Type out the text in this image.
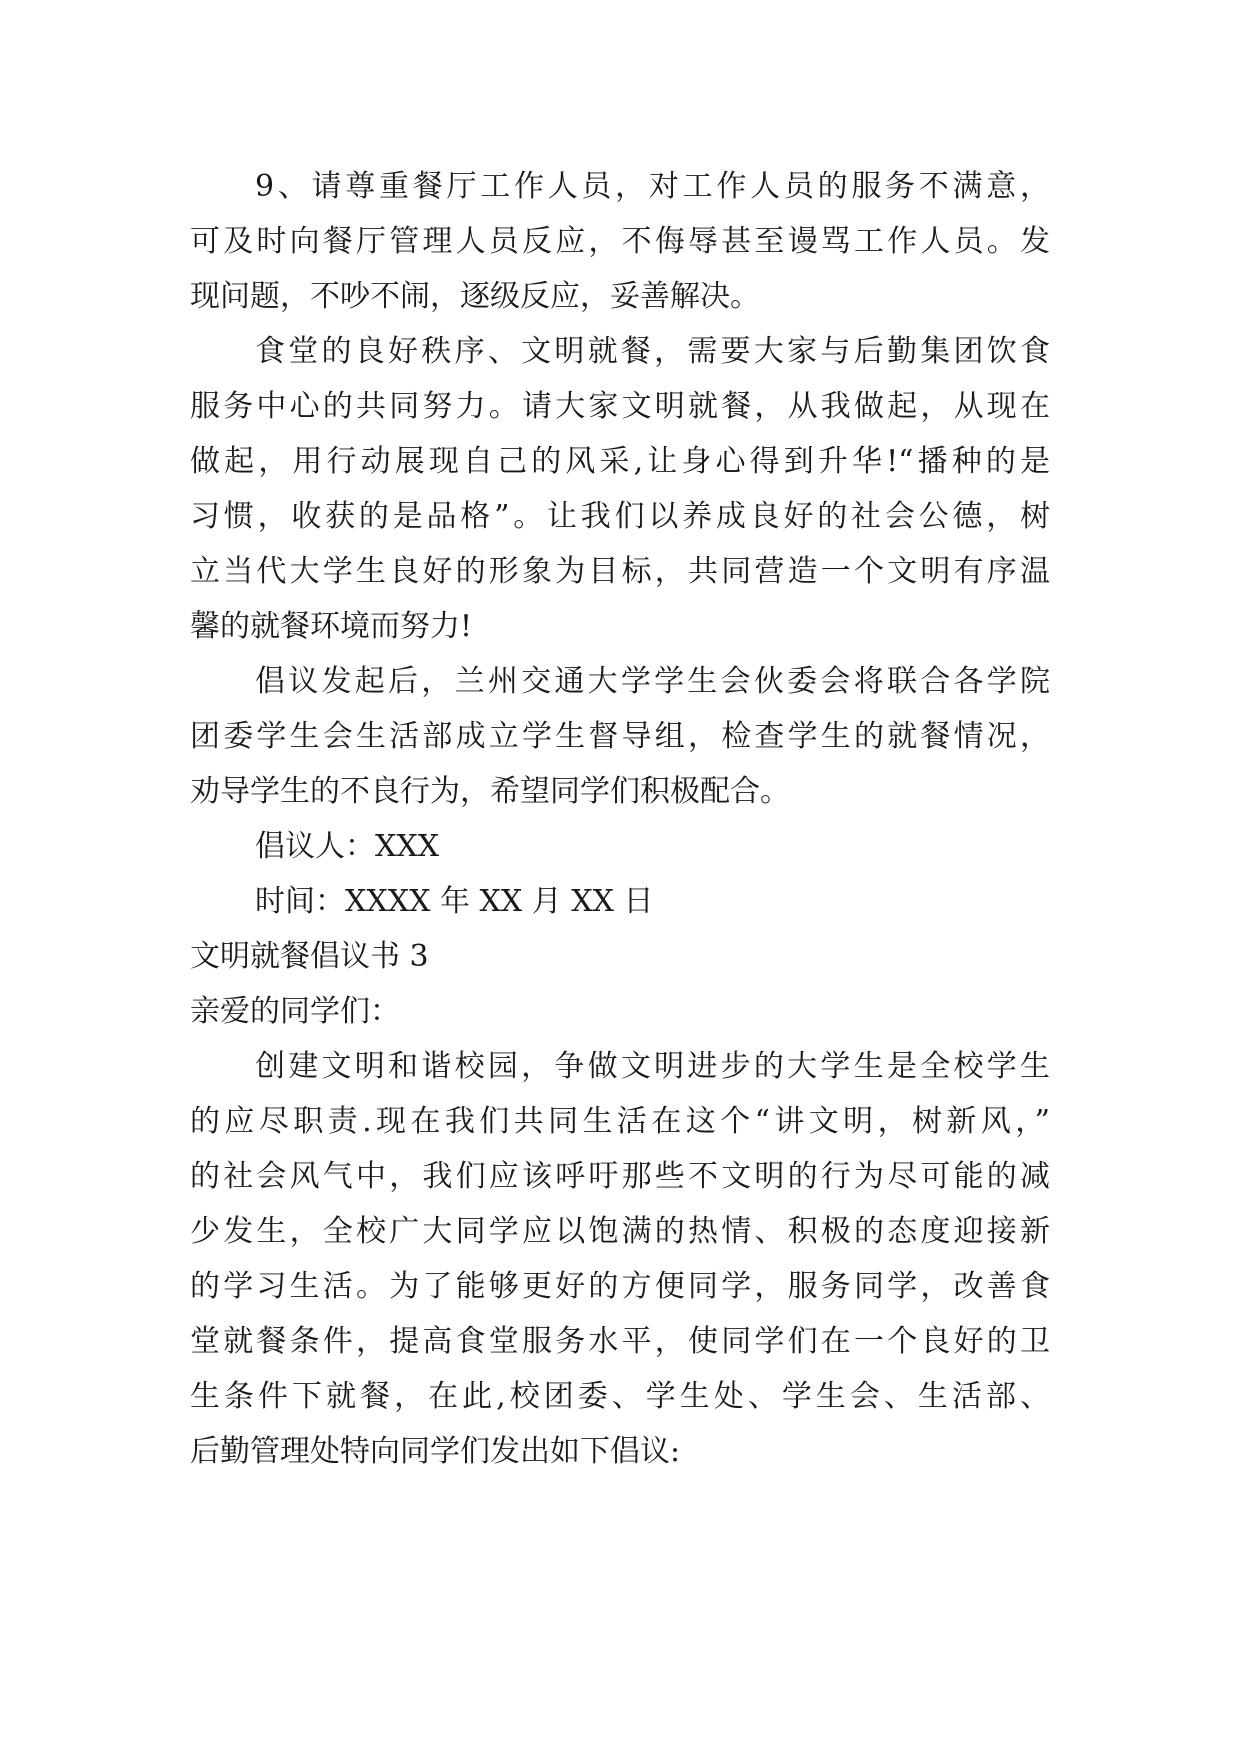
9、请尊重餐厅工作人员，对工作人员的服务不满意，
可及时向餐厅管理人员反应，不侮辱甚至谩骂工作人员。发
现问题，不吵不闹，逐级反应，妥善解决。
食堂的良好秩序、文明就餐，需要大家与后勤集团饮食
服务中心的共同努力。请大家文明就餐，从我做起，从现在
做起，用行动展现自己的风采,让身心得到升华!“播种的是
习惯，收获的是品格”。让我们以养成良好的社会公德，树
立当代大学生良好的形象为目标，共同营造一个文明有序温
馨的就餐环境而努力!
倡议发起后，兰州交通大学学生会伙委会将联合各学院
团委学生会生活部成立学生督导组，检查学生的就餐情况，
劝导学生的不良行为，希望同学们积极配合。
倡议人：XXX
时间：XXXX 年 XX 月 XX 日
文明就餐倡议书 3
亲爱的同学们：
创建文明和谐校园，争做文明进步的大学生是全校学生
的应尽职责.现在我们共同生活在这个“讲文明，树新风，”
的社会风气中，我们应该呼吁那些不文明的行为尽可能的减
少发生，全校广大同学应以饱满的热情、积极的态度迎接新
的学习生活。为了能够更好的方便同学，服务同学，改善食
堂就餐条件，提高食堂服务水平，使同学们在一个良好的卫
生条件下就餐，在此,校团委、学生处、学生会、生活部、
后勤管理处特向同学们发出如下倡议:
